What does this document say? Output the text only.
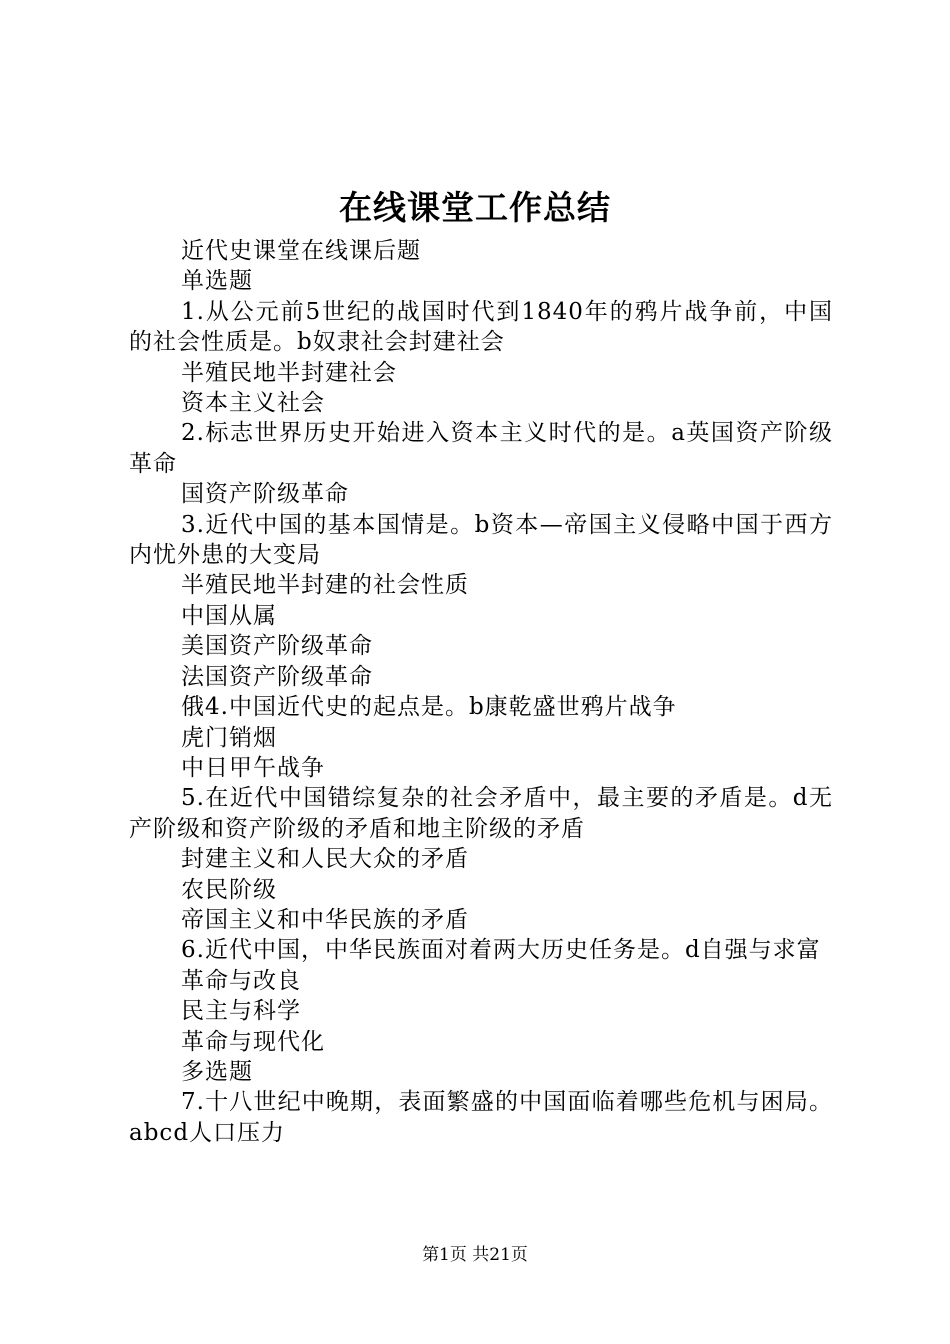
在线课堂工作总结

近代史课堂在线课后题

单选题

1.从公元前5世纪的战国时代到1840年的鸦片战争前，中国的社会性质是。b奴隶社会封建社会

半殖民地半封建社会

资本主义社会

2.标志世界历史开始进入资本主义时代的是。a英国资产阶级革命

国资产阶级革命

3.近代中国的基本国情是。b资本—帝国主义侵略中国于西方内忧外患的大变局

半殖民地半封建的社会性质

中国从属

美国资产阶级革命

法国资产阶级革命

俄4.中国近代史的起点是。b康乾盛世鸦片战争

虎门销烟

中日甲午战争

5.在近代中国错综复杂的社会矛盾中，最主要的矛盾是。d无产阶级和资产阶级的矛盾和地主阶级的矛盾

封建主义和人民大众的矛盾

农民阶级

帝国主义和中华民族的矛盾

6.近代中国，中华民族面对着两大历史任务是。d自强与求富

革命与改良

民主与科学

革命与现代化

多选题

7.十八世纪中晚期，表面繁盛的中国面临着哪些危机与困局。abcd人口压力

第1页 共21页
